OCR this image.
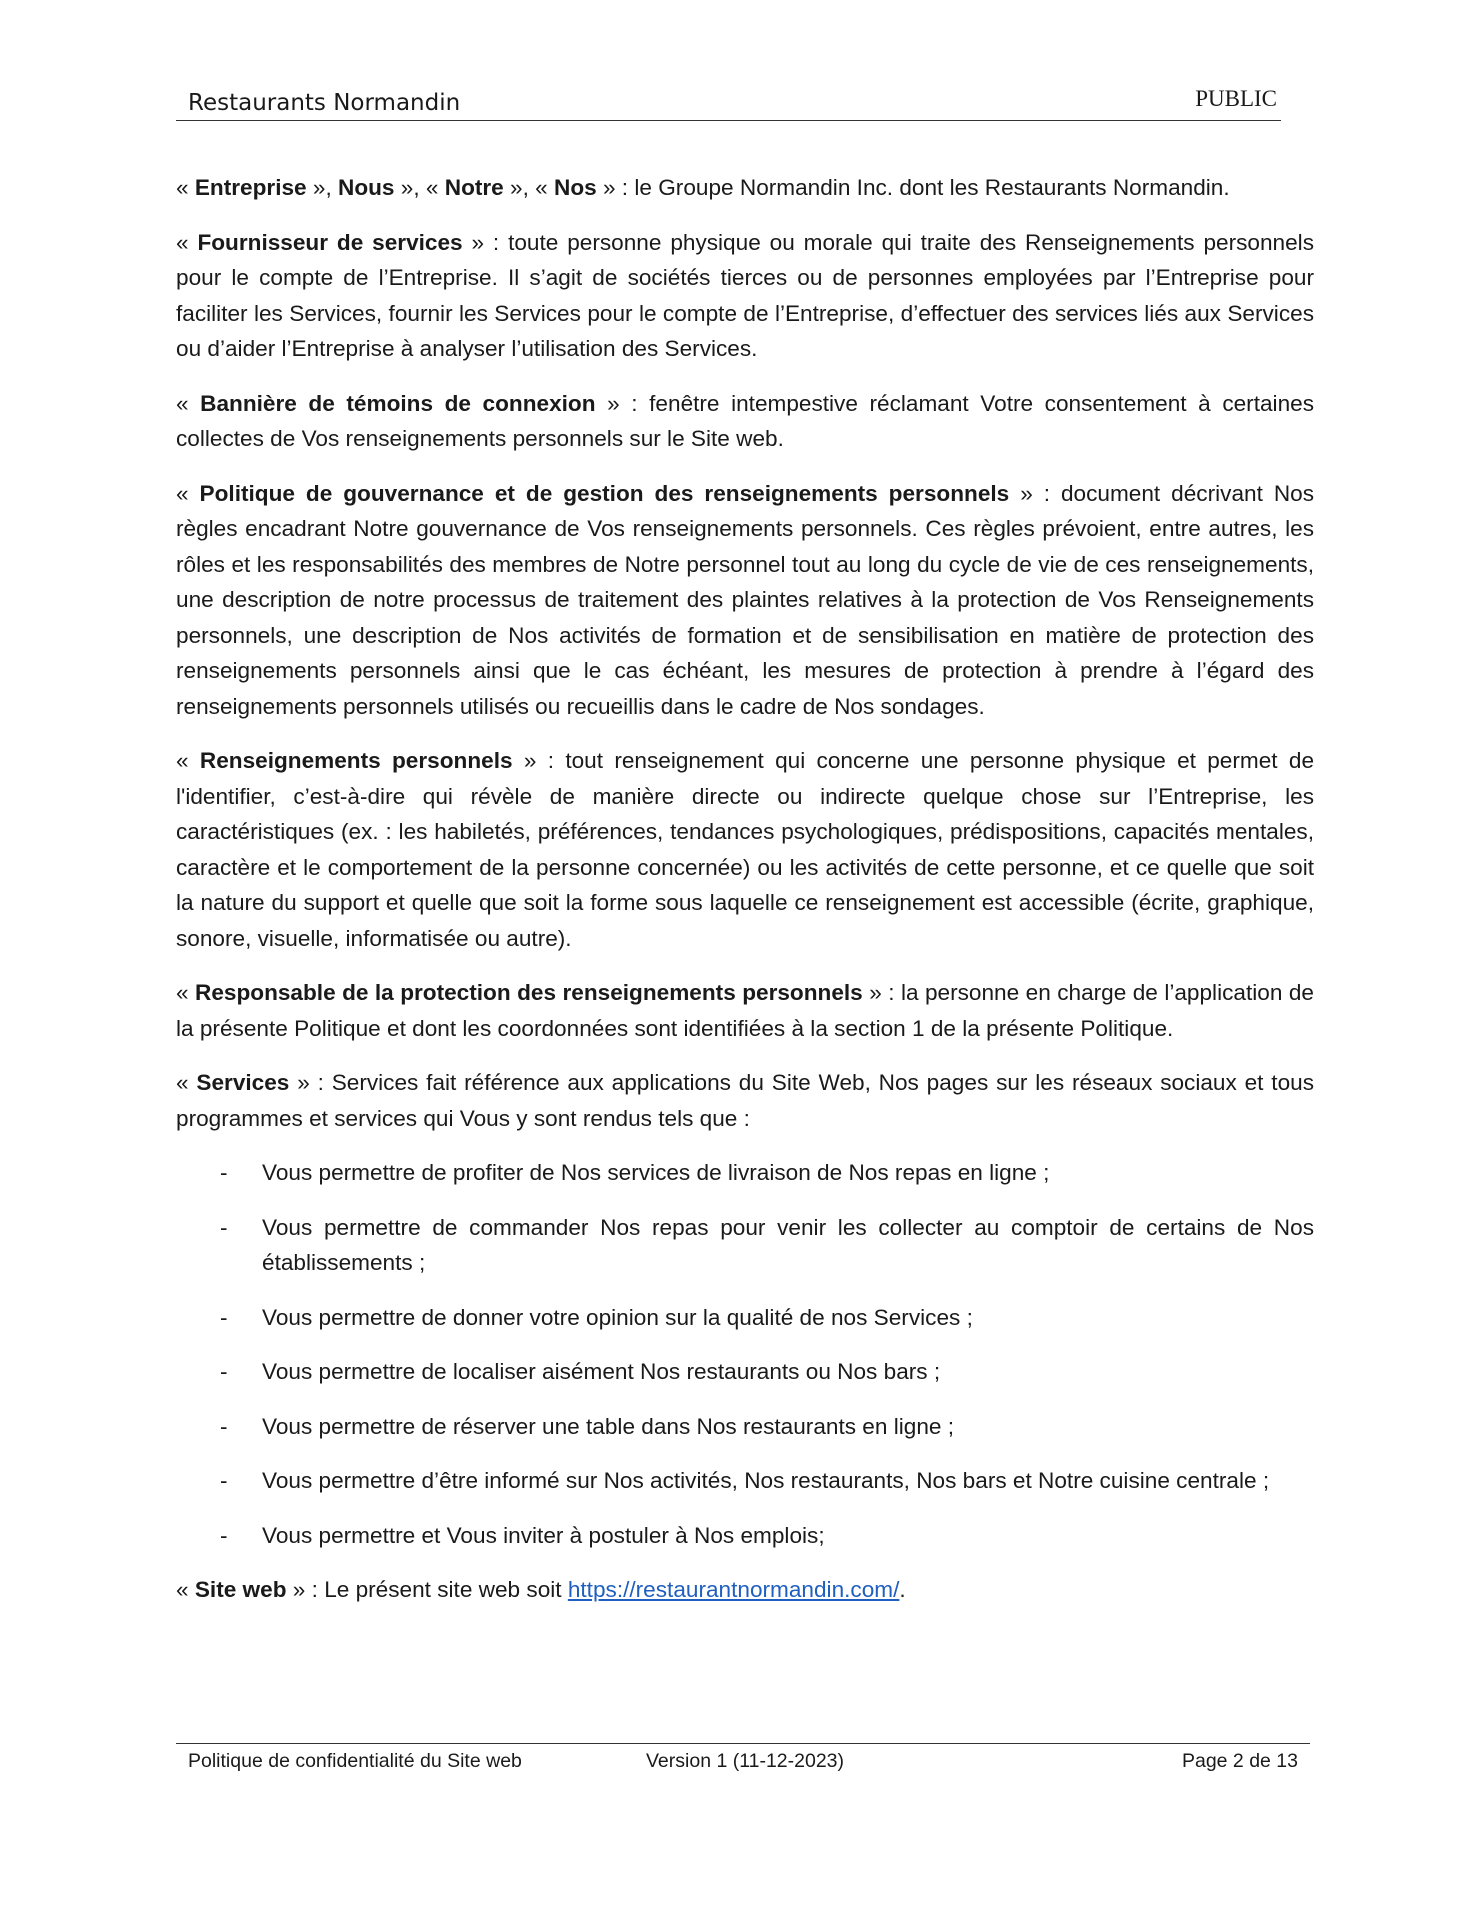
Restaurants Normandin	PUBLIC

« Entreprise », Nous », « Notre », « Nos » : le Groupe Normandin Inc. dont les Restaurants Normandin.

« Fournisseur de services » : toute personne physique ou morale qui traite des Renseignements personnels pour le compte de l’Entreprise. Il s’agit de sociétés tierces ou de personnes employées par l’Entreprise pour faciliter les Services, fournir les Services pour le compte de l’Entreprise, d’effectuer des services liés aux Services ou d’aider l’Entreprise à analyser l’utilisation des Services.

« Bannière de témoins de connexion » : fenêtre intempestive réclamant Votre consentement à certaines collectes de Vos renseignements personnels sur le Site web.

« Politique de gouvernance et de gestion des renseignements personnels » : document décrivant Nos règles encadrant Notre gouvernance de Vos renseignements personnels. Ces règles prévoient, entre autres, les rôles et les responsabilités des membres de Notre personnel tout au long du cycle de vie de ces renseignements, une description de notre processus de traitement des plaintes relatives à la protection de Vos Renseignements personnels, une description de Nos activités de formation et de sensibilisation en matière de protection des renseignements personnels ainsi que le cas échéant, les mesures de protection à prendre à l’égard des renseignements personnels utilisés ou recueillis dans le cadre de Nos sondages.

« Renseignements personnels » : tout renseignement qui concerne une personne physique et permet de l'identifier, c’est-à-dire qui révèle de manière directe ou indirecte quelque chose sur l’Entreprise, les caractéristiques (ex. : les habiletés, préférences, tendances psychologiques, prédispositions, capacités mentales, caractère et le comportement de la personne concernée) ou les activités de cette personne, et ce quelle que soit la nature du support et quelle que soit la forme sous laquelle ce renseignement est accessible (écrite, graphique, sonore, visuelle, informatisée ou autre).

« Responsable de la protection des renseignements personnels » : la personne en charge de l’application de la présente Politique et dont les coordonnées sont identifiées à la section 1 de la présente Politique.

« Services » : Services fait référence aux applications du Site Web, Nos pages sur les réseaux sociaux et tous programmes et services qui Vous y sont rendus tels que :

- Vous permettre de profiter de Nos services de livraison de Nos repas en ligne ;
- Vous permettre de commander Nos repas pour venir les collecter au comptoir de certains de Nos établissements ;
- Vous permettre de donner votre opinion sur la qualité de nos Services ;
- Vous permettre de localiser aisément Nos restaurants ou Nos bars ;
- Vous permettre de réserver une table dans Nos restaurants en ligne ;
- Vous permettre d’être informé sur Nos activités, Nos restaurants, Nos bars et Notre cuisine centrale ;
- Vous permettre et Vous inviter à postuler à Nos emplois;

« Site web » : Le présent site web soit https://restaurantnormandin.com/.

Politique de confidentialité du Site web	Version 1 (11-12-2023)	Page 2 de 13
